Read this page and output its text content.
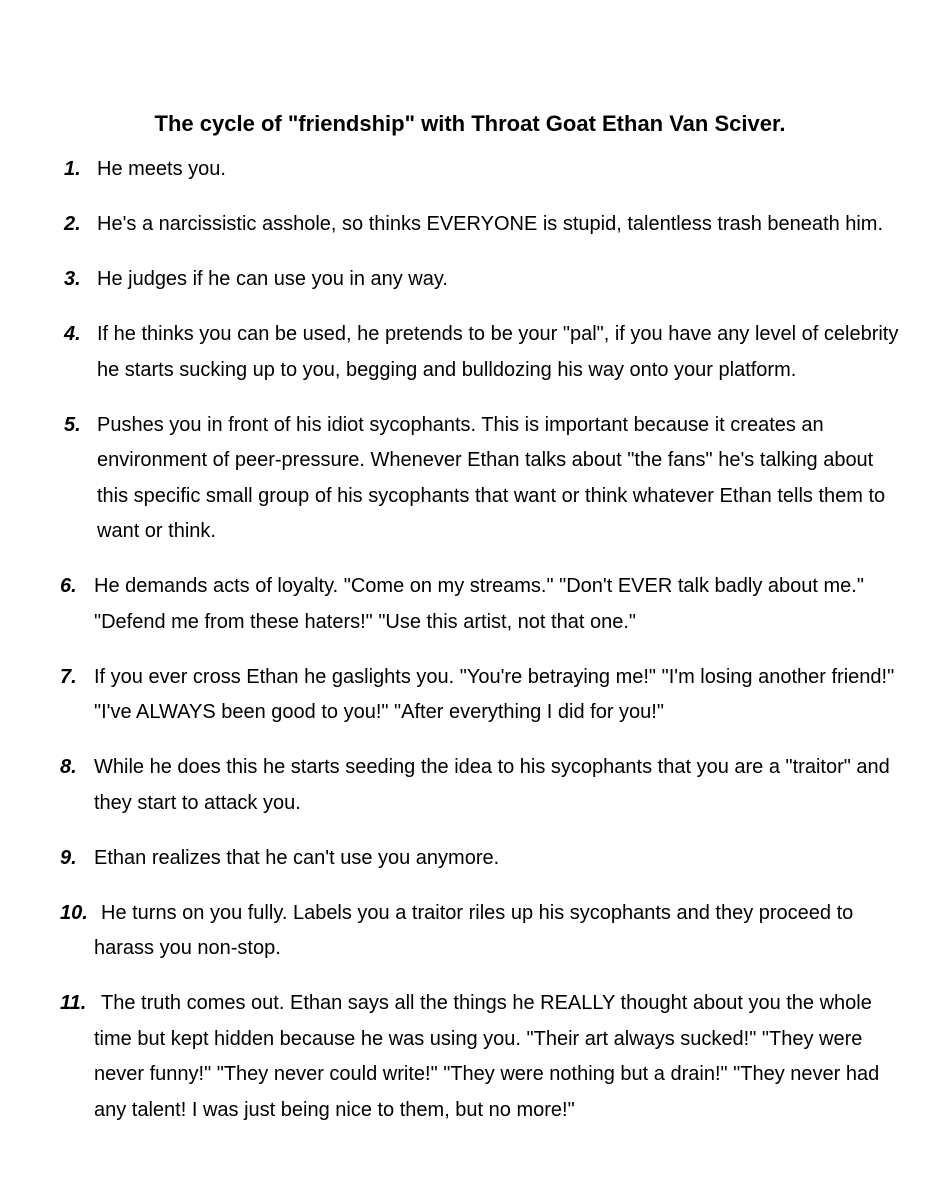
The cycle of "friendship" with Throat Goat Ethan Van Sciver.
1. He meets you.
2. He's a narcissistic asshole, so thinks EVERYONE is stupid, talentless trash beneath him.
3. He judges if he can use you in any way.
4. If he thinks you can be used, he pretends to be your "pal", if you have any level of celebrity he starts sucking up to you, begging and bulldozing his way onto your platform.
5. Pushes you in front of his idiot sycophants. This is important because it creates an environment of peer-pressure. Whenever Ethan talks about "the fans" he's talking about this specific small group of his sycophants that want or think whatever Ethan tells them to want or think.
6. He demands acts of loyalty. "Come on my streams." "Don't EVER talk badly about me." "Defend me from these haters!" "Use this artist, not that one."
7. If you ever cross Ethan he gaslights you. "You're betraying me!" "I'm losing another friend!" "I've ALWAYS been good to you!" "After everything I did for you!"
8. While he does this he starts seeding the idea to his sycophants that you are a "traitor" and they start to attack you.
9. Ethan realizes that he can't use you anymore.
10. He turns on you fully. Labels you a traitor riles up his sycophants and they proceed to harass you non-stop.
11. The truth comes out. Ethan says all the things he REALLY thought about you the whole time but kept hidden because he was using you. "Their art always sucked!" "They were never funny!" "They never could write!" "They were nothing but a drain!" "They never had any talent! I was just being nice to them, but no more!"
